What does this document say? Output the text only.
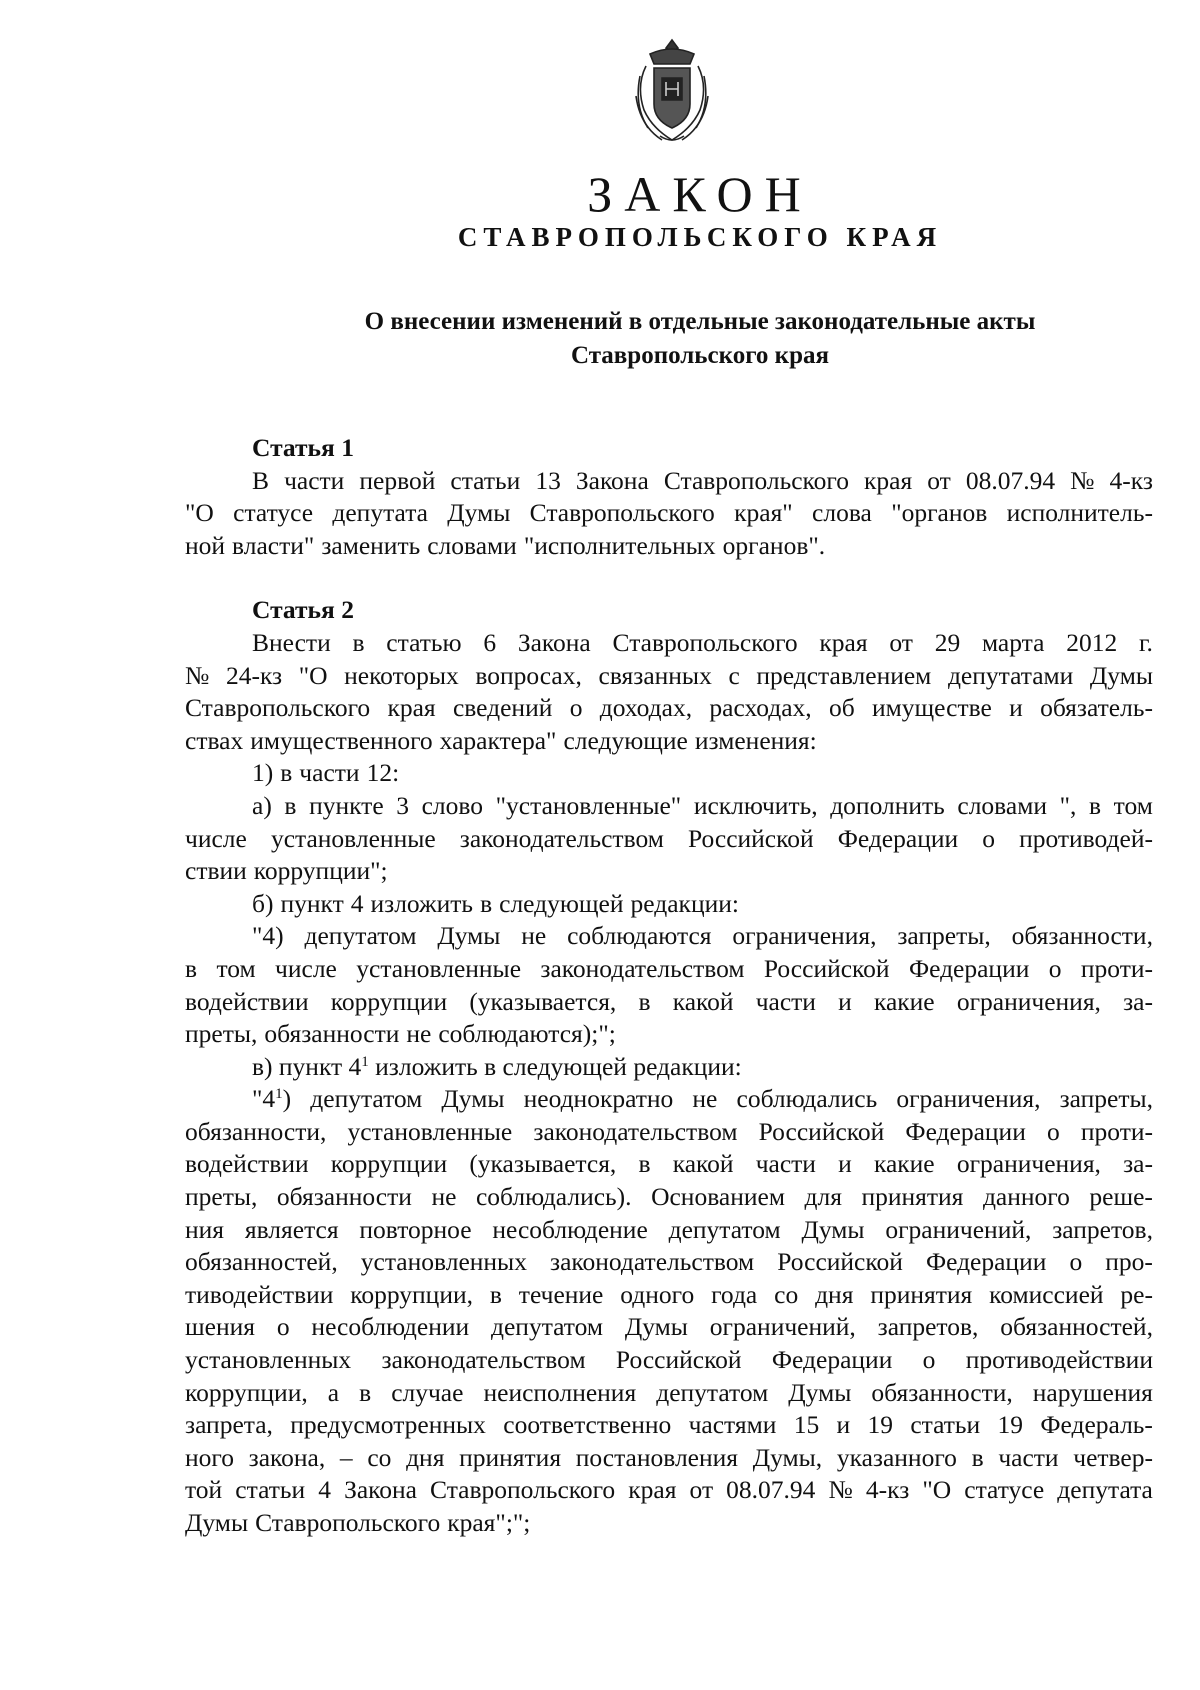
ЗАКОН
СТАВРОПОЛЬСКОГО КРАЯ
О внесении изменений в отдельные законодательные акты
Ставропольского края
Статья 1
В части первой статьи 13 Закона Ставропольского края от 08.07.94 № 4-кз
"О статусе депутата Думы Ставропольского края" слова "органов исполнитель-
ной власти" заменить словами "исполнительных органов".
Статья 2
Внести в статью 6 Закона Ставропольского края от 29 марта 2012 г.
№ 24-кз "О некоторых вопросах, связанных с представлением депутатами Думы
Ставропольского края сведений о доходах, расходах, об имуществе и обязатель-
ствах имущественного характера" следующие изменения:
1) в части 12:
а) в пункте 3 слово "установленные" исключить, дополнить словами ", в том
числе установленные законодательством Российской Федерации о противодей-
ствии коррупции";
б) пункт 4 изложить в следующей редакции:
"4) депутатом Думы не соблюдаются ограничения, запреты, обязанности,
в том числе установленные законодательством Российской Федерации о проти-
водействии коррупции (указывается, в какой части и какие ограничения, за-
преты, обязанности не соблюдаются);";
в) пункт $4^1$ изложить в следующей редакции:
"$4^1$) депутатом Думы неоднократно не соблюдались ограничения, запреты,
обязанности, установленные законодательством Российской Федерации о проти-
водействии коррупции (указывается, в какой части и какие ограничения, за-
преты, обязанности не соблюдались). Основанием для принятия данного реше-
ния является повторное несоблюдение депутатом Думы ограничений, запретов,
обязанностей, установленных законодательством Российской Федерации о про-
тиводействии коррупции, в течение одного года со дня принятия комиссией ре-
шения о несоблюдении депутатом Думы ограничений, запретов, обязанностей,
установленных законодательством Российской Федерации о противодействии
коррупции, а в случае неисполнения депутатом Думы обязанности, нарушения
запрета, предусмотренных соответственно частями 15 и 19 статьи 19 Федераль-
ного закона, – со дня принятия постановления Думы, указанного в части четвер-
той статьи 4 Закона Ставропольского края от 08.07.94 № 4-кз "О статусе депутата
Думы Ставропольского края";";
